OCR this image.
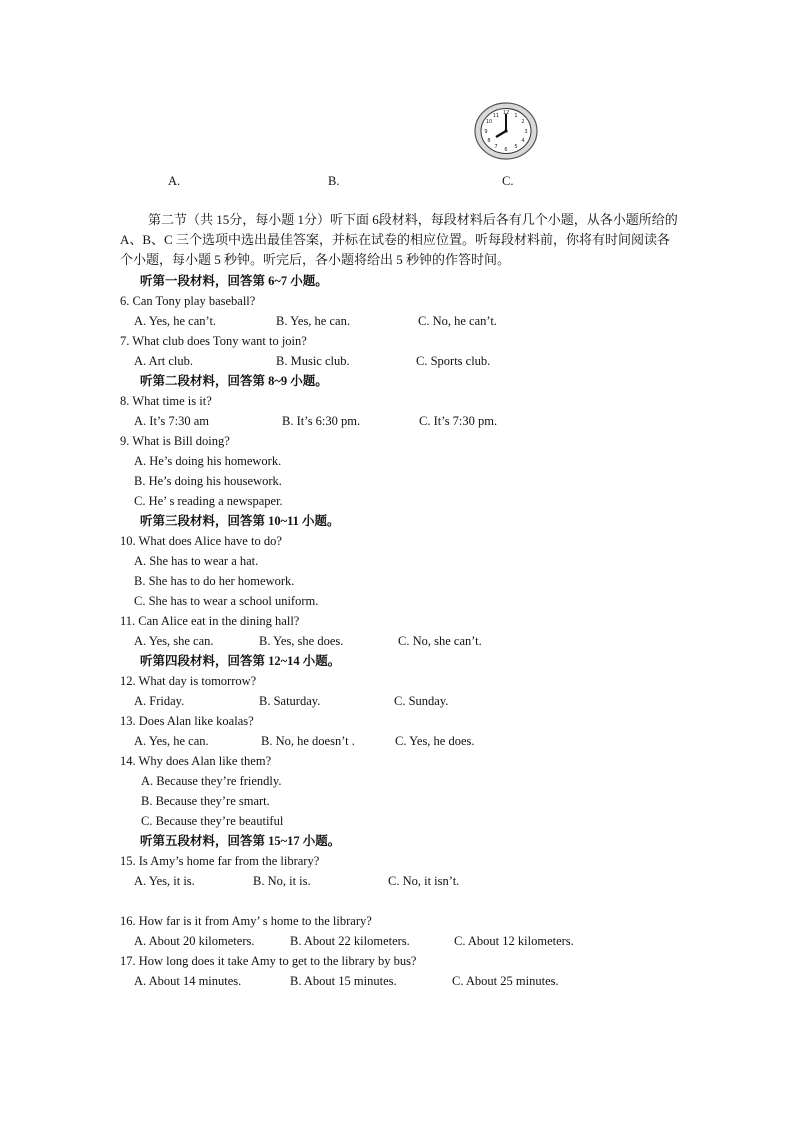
12 1
2
3
4
5
6
7
8
9
10
11
A.	B.	C.
第二节（共 15分，每小题 1分）听下面 6段材料，每段材料后各有几个小题，从各小题所给的 A、B、C 三个选项中选出最佳答案，并标在试卷的相应位置。听每段材料前，你将有时间阅读各个小题，每小题 5 秒钟。听完后，各小题将给出 5 秒钟的作答时间。
听第一段材料，回答第 6~7 小题。
6. Can Tony play baseball?
A. Yes, he can’t.	B. Yes, he can.	C. No, he can’t.
7. What club does Tony want to join?
A. Art club.	B. Music club.	C. Sports club.
听第二段材料，回答第 8~9 小题。
8. What time is it?
A. It’s 7:30 am	B. It’s 6:30 pm.	C. It’s 7:30 pm.
9. What is Bill doing?
A. He’s doing his homework.
B. He’s doing his housework.
C. He’ s reading a newspaper.
听第三段材料，回答第 10~11 小题。
10. What does Alice have to do?
A. She has to wear a hat.
B. She has to do her homework.
C. She has to wear a school uniform.
11. Can Alice eat in the dining hall?
A. Yes, she can.	B. Yes, she does.	C. No, she can’t.
听第四段材料，回答第 12~14 小题。
12. What day is tomorrow?
A. Friday.	B. Saturday.	C. Sunday.
13. Does Alan like koalas?
A. Yes, he can.	B. No, he doesn’t .	C. Yes, he does.
14. Why does Alan like them?
A. Because they’re friendly.
B. Because they’re smart.
C. Because they’re beautiful
听第五段材料，回答第 15~17 小题。
15. Is Amy’s home far from the library?
A. Yes, it is.	B. No, it is.	C. No, it isn’t.
16. How far is it from Amy’ s home to the library?
A. About 20 kilometers.	B. About 22 kilometers.	C. About 12 kilometers.
17. How long does it take Amy to get to the library by bus?
A. About 14 minutes.	B. About 15 minutes.	C. About 25 minutes.
